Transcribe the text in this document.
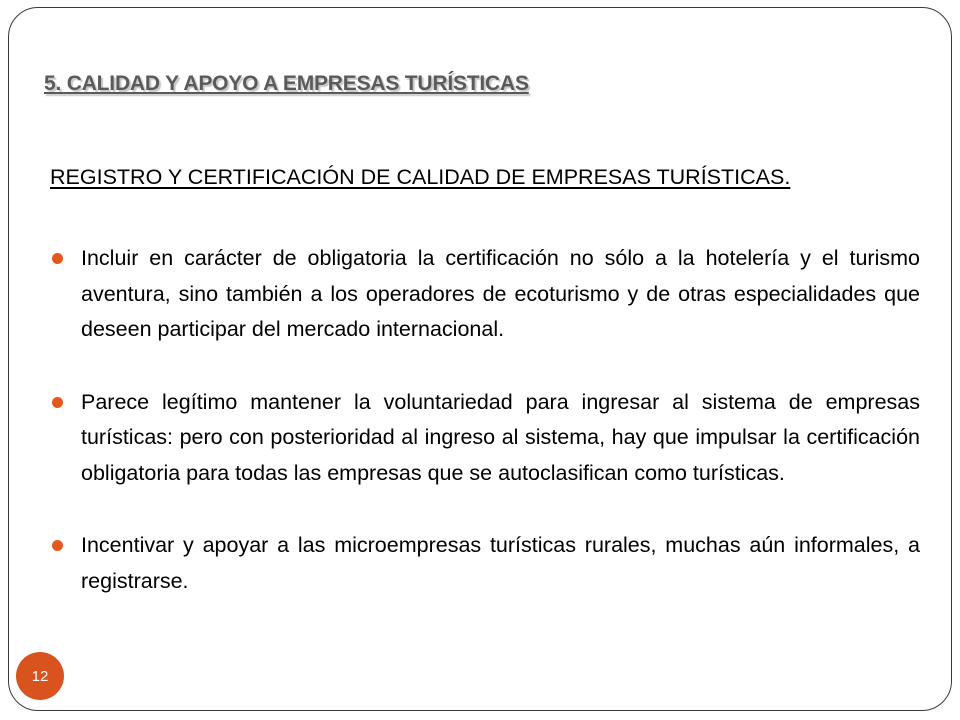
5. CALIDAD Y APOYO A EMPRESAS TURÍSTICAS
REGISTRO Y CERTIFICACIÓN DE CALIDAD DE EMPRESAS TURÍSTICAS.
Incluir en carácter de obligatoria la certificación no sólo a la hotelería y el turismo aventura, sino también a los operadores de ecoturismo y de otras especialidades que deseen participar del mercado internacional.
Parece legítimo mantener la voluntariedad para ingresar al sistema de empresas turísticas: pero con posterioridad al ingreso al sistema, hay que impulsar la certificación obligatoria para todas las empresas que se autoclasifican como turísticas.
Incentivar y apoyar a las microempresas turísticas rurales, muchas aún informales, a registrarse.
12
